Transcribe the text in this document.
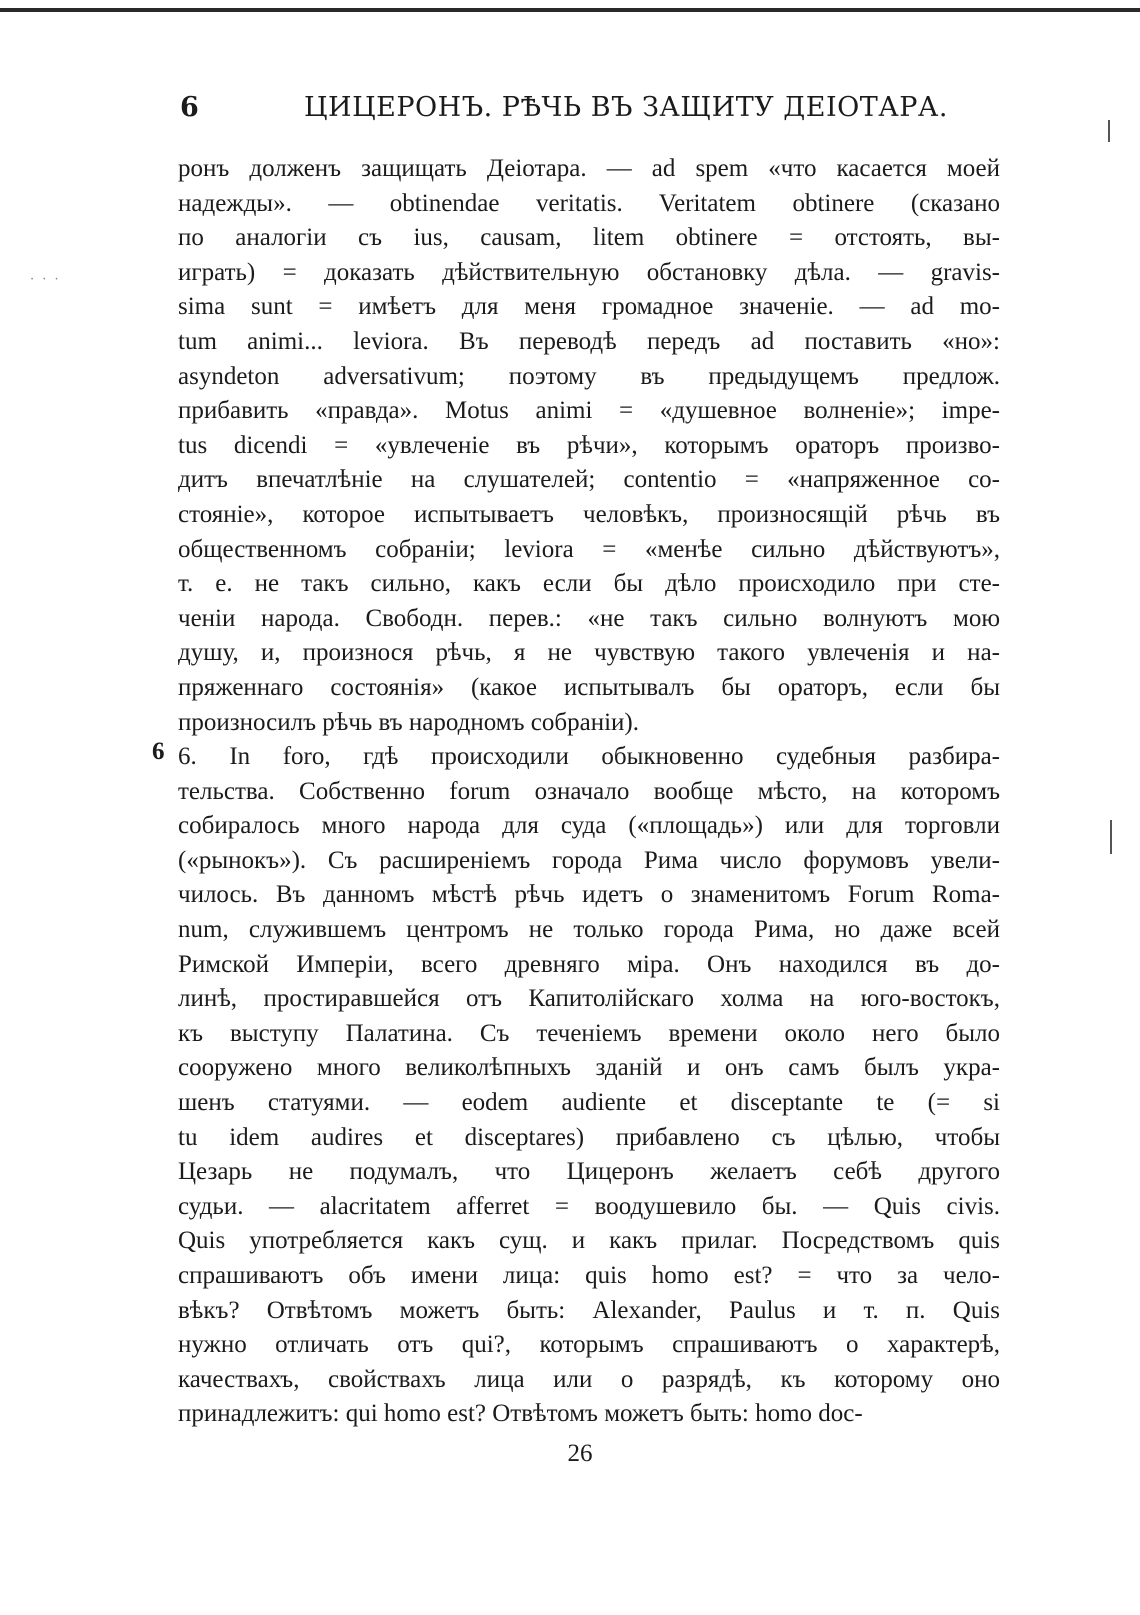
· · ·
6	ЦИЦЕРОНЪ. РѢЧЬ ВЪ ЗАЩИТУ ДЕІОТАРА.
6
ронъ долженъ защищать Деіотара. — ad spem «что касается моей
надежды». — obtinendae veritatis. Veritatem obtinere (сказано
по аналогіи съ ius, causam, litem obtinere = отстоять, вы-
играть) = доказать дѣйствительную обстановку дѣла. — gravis-
sima sunt = имѣетъ для меня громадное значеніе. — ad mo-
tum animi... leviora. Въ переводѣ передъ ad поставить «но»:
asyndeton adversativum; поэтому въ предыдущемъ предлож.
прибавить «правда». Motus animi = «душевное волненіе»; impe-
tus dicendi = «увлеченіе въ рѣчи», которымъ ораторъ произво-
дитъ впечатлѣніе на слушателей; contentio = «напряженное со-
стояніе», которое испытываетъ человѣкъ, произносящій рѣчь въ
общественномъ собраніи; leviora = «менѣе сильно дѣйствуютъ»,
т. е. не такъ сильно, какъ если бы дѣло происходило при сте-
ченіи народа. Свободн. перев.: «не такъ сильно волнуютъ мою
душу, и, произнося рѣчь, я не чувствую такого увлеченія и на-
пряженнаго состоянія» (какое испытывалъ бы ораторъ, если бы
произносилъ рѣчь въ народномъ собраніи).
6. In foro, гдѣ происходили обыкновенно судебныя разбира-
тельства. Собственно forum означало вообще мѣсто, на которомъ
собиралось много народа для суда («площадь») или для торговли
(«рынокъ»). Съ расширеніемъ города Рима число форумовъ увели-
чилось. Въ данномъ мѣстѣ рѣчь идетъ о знаменитомъ Forum Roma-
num, служившемъ центромъ не только города Рима, но даже всей
Римской Имперіи, всего древняго міра. Онъ находился въ до-
линѣ, простиравшейся отъ Капитолійскаго холма на юго-востокъ,
къ выступу Палатина. Съ теченіемъ времени около него было
сооружено много великолѣпныхъ зданій и онъ самъ былъ укра-
шенъ статуями. — eodem audiente et disceptante te (= si
tu idem audires et disceptares) прибавлено съ цѣлью, чтобы
Цезарь не подумалъ, что Цицеронъ желаетъ себѣ другого
судьи. — alacritatem afferret = воодушевило бы. — Quis civis.
Quis употребляется какъ сущ. и какъ прилаг. Посредствомъ quis
спрашиваютъ объ имени лица: quis homo est? = что за чело-
вѣкъ? Отвѣтомъ можетъ быть: Alexander, Paulus и т. п. Quis
нужно отличать отъ qui?, которымъ спрашиваютъ о характерѣ,
качествахъ, свойствахъ лица или о разрядѣ, къ которому оно
принадлежитъ: qui homo est? Отвѣтомъ можетъ быть: homo doc-
26
